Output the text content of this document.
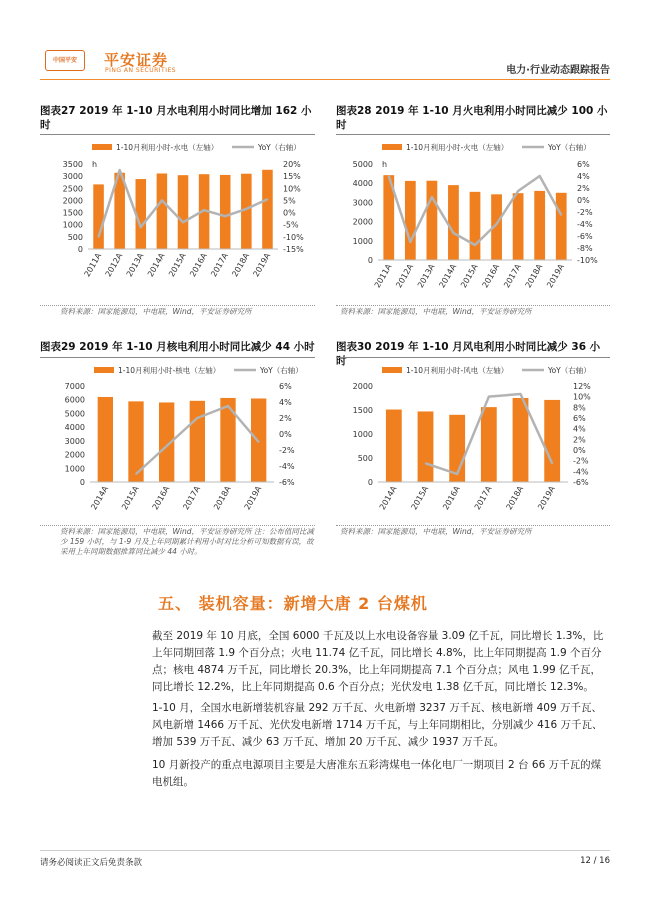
中国平安	平安证券
PING AN SECURITIES	电力·行业动态跟踪报告
图表27 2019 年 1-10 月水电利用小时同比增加 162 小时
图表28 2019 年 1-10 月火电利用小时同比减少 100 小时
1-10月利用小时-水电（左轴）	YoY（右轴）
h
0
500
1000
1500
2000
2500
3000
3500
-15%
-10%
-5%
0%
5%
10%
15%
20%
2011A 2012A 2013A 2014A 2015A 2016A 2017A 2018A 2019A
1-10月利用小时-火电（左轴）	YoY（右轴）
h
0
1000
2000
3000
4000
5000
-10%
-8%
-6%
-4%
-2%
0%
2%
4%
6%
2011A 2012A 2013A 2014A 2015A 2016A 2017A 2018A 2019A
资料来源：国家能源局，中电联，Wind，平安证券研究所	资料来源：国家能源局，中电联，Wind，平安证券研究所
图表29 2019 年 1-10 月核电利用小时同比减少 44 小时 图表30 2019 年 1-10 月风电利用小时同比减少 36 小时
1-10月利用小时-核电（左轴）	YoY（右轴）
0
1000
2000
3000
4000
5000
6000
7000
-6%
-4%
-2%
0%
2%
4%
6%
2014A 2015A 2016A 2017A 2018A 2019A
1-10月利用小时-风电（左轴）	YoY（右轴）
0
500
1000
1500
2000
-6%
-4%
-2%
0%
2%
4%
6%
8%
10%
12%
2014A 2015A 2016A 2017A 2018A 2019A
资料来源：国家能源局，中电联，Wind，平安证券研究所 注：公布值同比减少 159 小时，与 1-9 月及上年同期累计利用小时对比分析可知数据有误，故采用上年同期数据推算同比减少 44 小时。
资料来源：国家能源局，中电联，Wind，平安证券研究所
五、 装机容量：新增大唐 2 台煤机
截至 2019 年 10 月底，全国 6000 千瓦及以上水电设备容量 3.09 亿千瓦，同比增长 1.3%，比上年同期回落 1.9 个百分点；火电 11.74 亿千瓦，同比增长 4.8%，比上年同期提高 1.9 个百分点；核电 4874 万千瓦，同比增长 20.3%，比上年同期提高 7.1 个百分点；风电 1.99 亿千瓦，同比增长 12.2%，比上年同期提高 0.6 个百分点；光伏发电 1.38 亿千瓦，同比增长 12.3%。
1-10 月，全国水电新增装机容量 292 万千瓦、火电新增 3237 万千瓦、核电新增 409 万千瓦、风电新增 1466 万千瓦、光伏发电新增 1714 万千瓦，与上年同期相比，分别减少 416 万千瓦、增加 539 万千瓦、减少 63 万千瓦、增加 20 万千瓦、减少 1937 万千瓦。
10 月新投产的重点电源项目主要是大唐准东五彩湾煤电一体化电厂一期项目 2 台 66 万千瓦的煤电机组。
请务必阅读正文后免责条款	12 / 16
